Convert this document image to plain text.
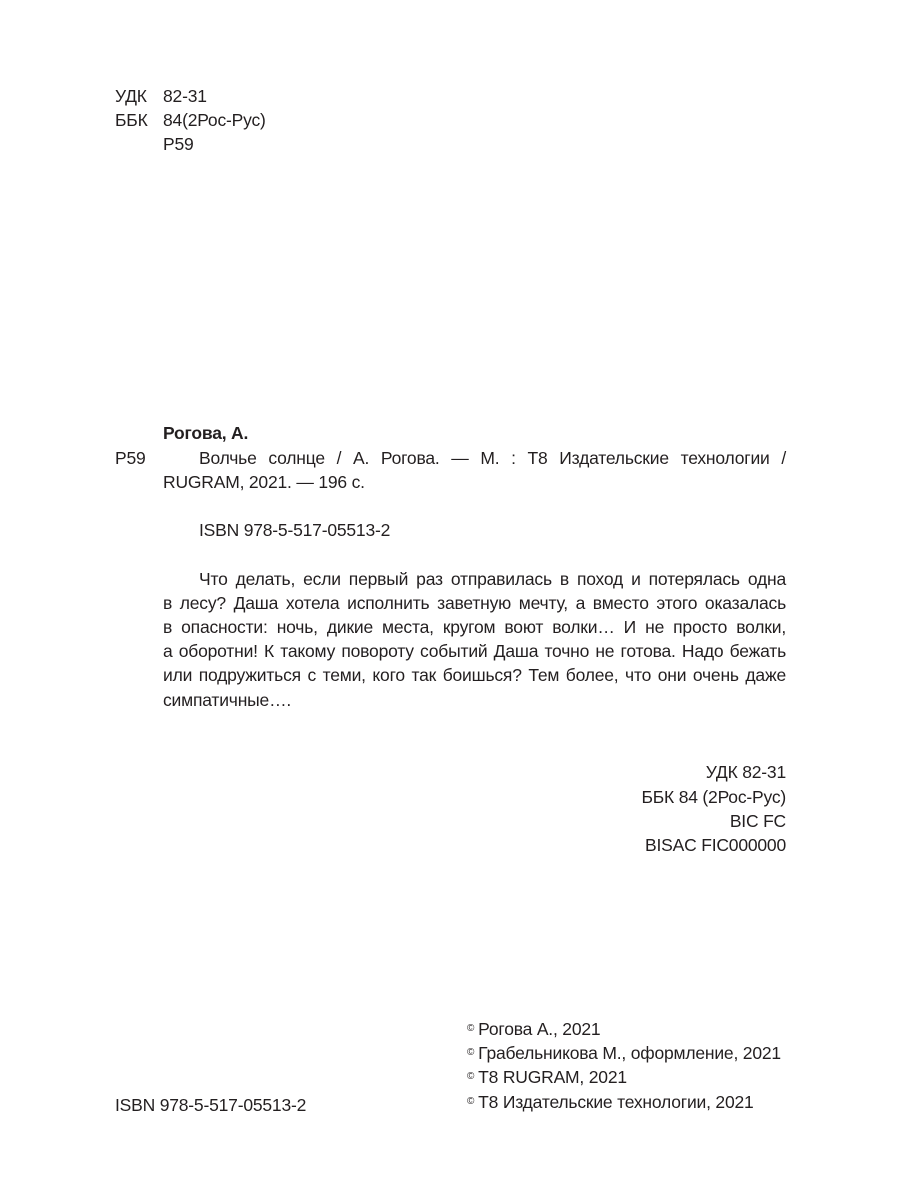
УДК 82-31
ББК 84(2Рос-Рус)
Р59
Рогова, А.
Р59	Волчье солнце / А. Рогова. — М. : Т8 Издательские технологии /
RUGRAM, 2021. — 196 с.
ISBN 978-5-517-05513-2
Что делать, если первый раз отправилась в поход и потерялась одна
в лесу? Даша хотела исполнить заветную мечту, а вместо этого оказалась
в опасности: ночь, дикие места, кругом воют волки… И не просто волки,
а оборотни! К такому повороту событий Даша точно не готова. Надо бежать
или подружиться с теми, кого так боишься? Тем более, что они очень даже
симпатичные….
УДК 82-31
ББК 84 (2Рос-Рус)
BIC FC
BISAC FIC000000
ISBN 978-5-517-05513-2
© Рогова А., 2021
© Грабельникова М., оформление, 2021
© Т8 RUGRAM, 2021
© Т8 Издательские технологии, 2021
